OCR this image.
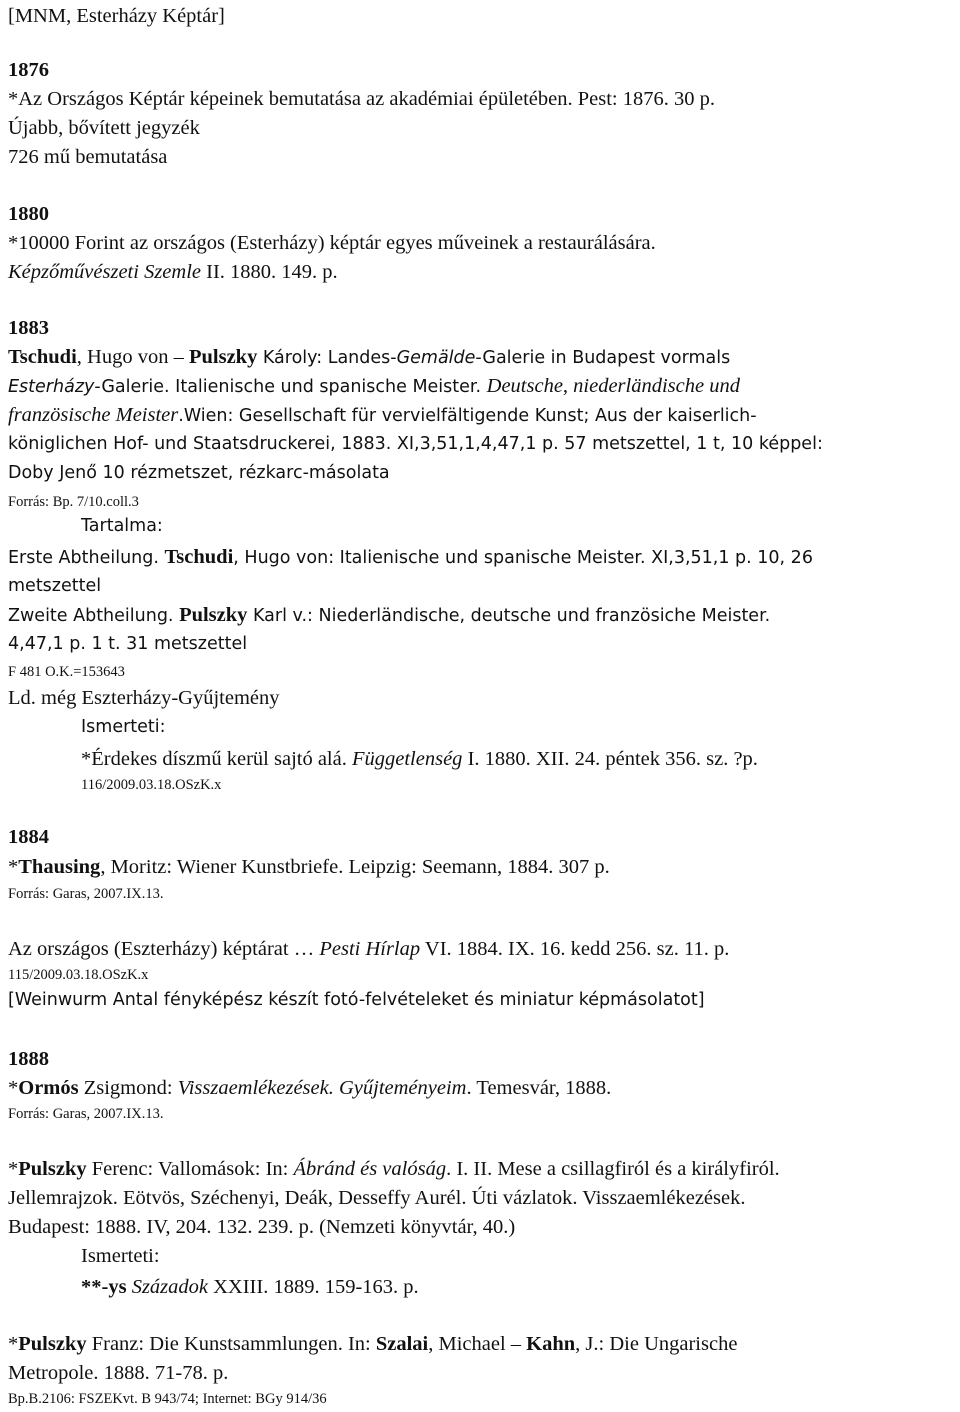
[MNM, Esterházy Képtár]
1876
*Az Országos Képtár képeinek bemutatása az akadémiai épületében. Pest: 1876. 30 p.
Újabb, bővített jegyzék
726 mű bemutatása
1880
*10000 Forint az országos (Esterházy) képtár egyes műveinek a restaurálására.
Képzőművészeti Szemle II. 1880. 149. p.
1883
Tschudi, Hugo von – Pulszky Károly: Landes-Gemälde-Galerie in Budapest vormals
Esterházy-Galerie. Italienische und spanische Meister. Deutsche, niederländische und
französische Meister.Wien: Gesellschaft für vervielfältigende Kunst; Aus der kaiserlich-
königlichen Hof- und Staatsdruckerei, 1883. XI,3,51,1,4,47,1 p. 57 metszettel, 1 t, 10 képpel:
Doby Jenő 10 rézmetszet, rézkarc-másolata
Forrás: Bp. 7/10.coll.3
Tartalma:
Erste Abtheilung. Tschudi, Hugo von: Italienische und spanische Meister. XI,3,51,1 p. 10, 26
metszettel
Zweite Abtheilung. Pulszky Karl v.: Niederländische, deutsche und französiche Meister.
4,47,1 p. 1 t. 31 metszettel
F 481 O.K.=153643
Ld. még Eszterházy-Gyűjtemény
Ismerteti:
*Érdekes díszmű kerül sajtó alá. Függetlenség I. 1880. XII. 24. péntek 356. sz. ?p.
116/2009.03.18.OSzK.x
1884
*Thausing, Moritz: Wiener Kunstbriefe. Leipzig: Seemann, 1884. 307 p.
Forrás: Garas, 2007.IX.13.
Az országos (Eszterházy) képtárat … Pesti Hírlap VI. 1884. IX. 16. kedd 256. sz. 11. p.
115/2009.03.18.OSzK.x
[Weinwurm Antal fényképész készít fotó-felvételeket és miniatur képmásolatot]
1888
*Ormós Zsigmond: Visszaemlékezések. Gyűjteményeim. Temesvár, 1888.
Forrás: Garas, 2007.IX.13.
*Pulszky Ferenc: Vallomások: In: Ábránd és valóság. I. II. Mese a csillagfiról és a királyfiról.
Jellemrajzok. Eötvös, Széchenyi, Deák, Desseffy Aurél. Úti vázlatok. Visszaemlékezések.
Budapest: 1888. IV, 204. 132. 239. p. (Nemzeti könyvtár, 40.)
Ismerteti:
**-ys Századok XXIII. 1889. 159-163. p.
*Pulszky Franz: Die Kunstsammlungen. In: Szalai, Michael – Kahn, J.: Die Ungarische
Metropole. 1888. 71-78. p.
Bp.B.2106: FSZEKvt. B 943/74; Internet: BGy 914/36
